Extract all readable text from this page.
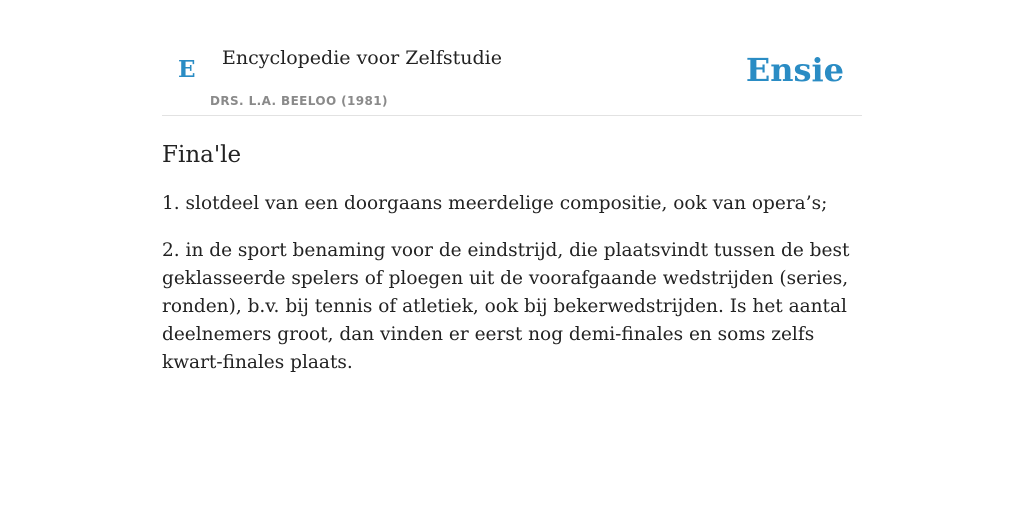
E Encyclopedie voor Zelfstudie
DRS. L.A. BEELOO (1981)
Ensie
Fina'le

1. slotdeel van een doorgaans meerdelige compositie, ook van opera’s;

2. in de sport benaming voor de eindstrijd, die plaatsvindt tussen de best geklasseerde spelers of ploegen uit de voorafgaande wedstrijden (series, ronden), b.v. bij tennis of atletiek, ook bij bekerwedstrijden. Is het aantal deelnemers groot, dan vinden er eerst nog demi-finales en soms zelfs kwart-finales plaats.
